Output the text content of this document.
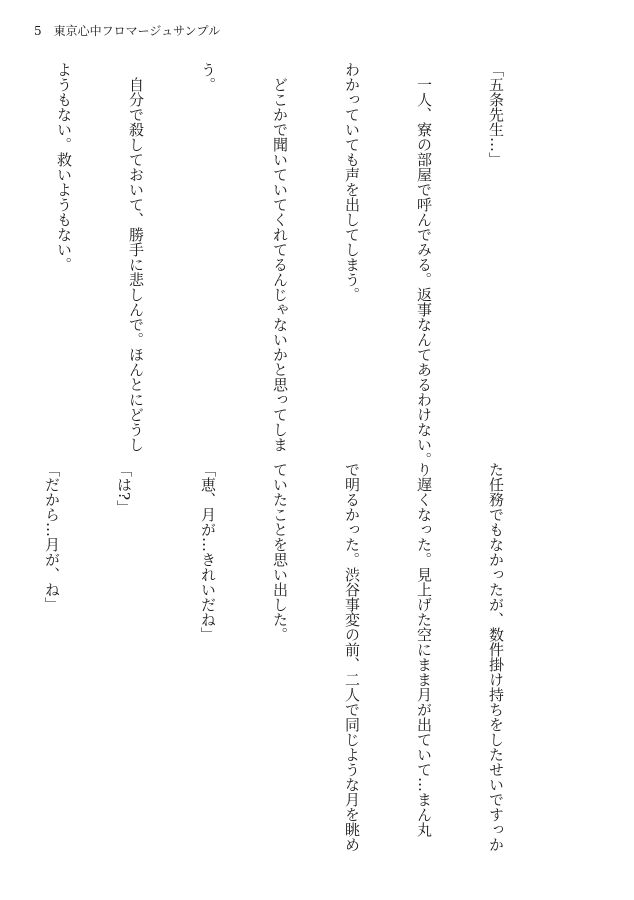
5 東京心中フロマージュサンプル

「五条先生…」

　一人、寮の部屋で呼んでみる。返事なんてあるわけない。

わかっていても声を出してしまう。

　どこかで聞いていてくれてるんじゃないかと思ってしま

う。

　自分で殺しておいて、勝手に悲しんで。ほんとにどうし

ようもない。救いようもない。

た任務でもなかったが、数件掛け持ちをしたせいですっか

り遅くなった。見上げた空にまま月が出ていて…まん丸

で明るかった。渋谷事変の前、二人で同じような月を眺め

ていたことを思い出した。

「恵、月が…きれいだね」

「は?」

「だから…月が、ね」
